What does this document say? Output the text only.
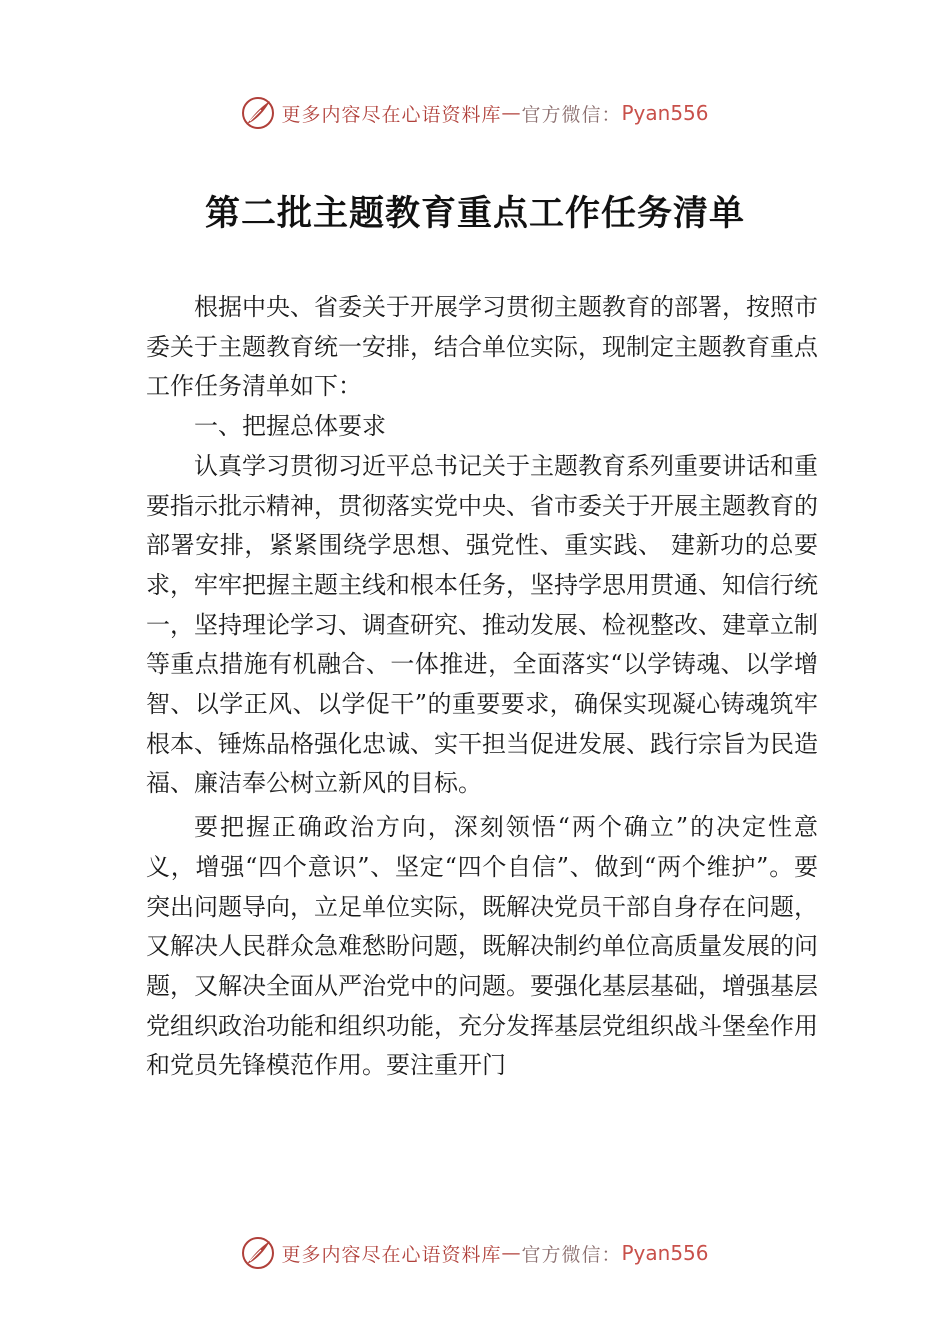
更多内容尽在心语资料库 — 官方微信： Pyan556
第二批主题教育重点工作任务清单

根据中央、省委关于开展学习贯彻主题教育的部署，按照市委关于主题教育统一安排，结合单位实际，现制定主题教育重点工作任务清单如下：

一、把握总体要求

认真学习贯彻习近平总书记关于主题教育系列重要讲话和重要指示批示精神，贯彻落实党中央、省市委关于开展主题教育的部署安排，紧紧围绕学思想、强党性、重实践、 建新功的总要求，牢牢把握主题主线和根本任务，坚持学思用贯通、知信行统一，坚持理论学习、调查研究、推动发展、检视整改、建章立制等重点措施有机融合、一体推进，全面落实“以学铸魂、以学增智、以学正风、以学促干”的重要要求，确保实现凝心铸魂筑牢根本、锤炼品格强化忠诚、实干担当促进发展、践行宗旨为民造福、廉洁奉公树立新风的目标。

要把握正确政治方向，深刻领悟“两个确立”的决定性意义，增强“四个意识”、坚定“四个自信”、做到“两个维护”。要突出问题导向，立足单位实际，既解决党员干部自身存在问题，又解决人民群众急难愁盼问题，既解决制约单位高质量发展的问题，又解决全面从严治党中的问题。要强化基层基础，增强基层党组织政治功能和组织功能，充分发挥基层党组织战斗堡垒作用和党员先锋模范作用。要注重开门

更多内容尽在心语资料库 — 官方微信： Pyan556
